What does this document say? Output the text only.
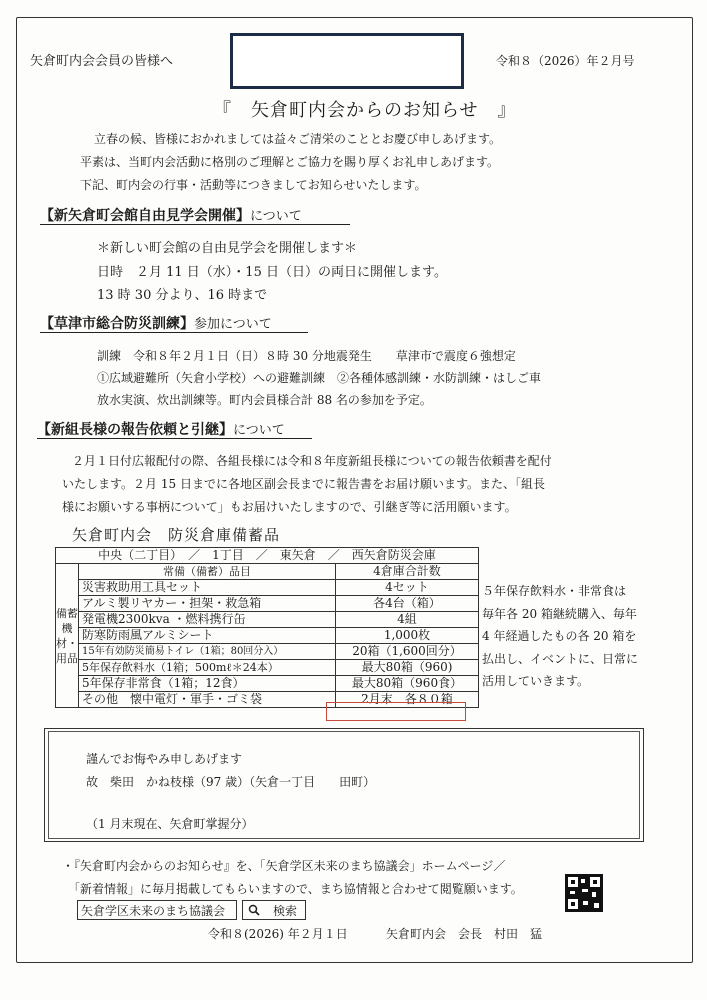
矢倉町内会会員の皆様へ	令和８（2026）年２月号
『　矢倉町内会からのお知らせ　』
立春の候、皆様におかれましては益々ご清栄のこととお慶び申しあげます。
平素は、当町内会活動に格別のご理解とご協力を賜り厚くお礼申しあげます。
下記、町内会の行事・活動等につきましてお知らせいたします。
【新矢倉町会館自由見学会開催】について
＊新しい町会館の自由見学会を開催します＊
日時　２月 11 日（水）・15 日（日）の両日に開催します。
13 時 30 分より、16 時まで
【草津市総合防災訓練】参加について
訓練　令和８年２月１日（日）８時 30 分地震発生　　草津市で震度６強想定
①広域避難所（矢倉小学校）への避難訓練　②各種体感訓練・水防訓練・はしご車
放水実演、炊出訓練等。町内会員様合計 88 名の参加を予定。
【新組長様の報告依頼と引継】について
２月１日付広報配付の際、各組長様には令和８年度新組長様についての報告依頼書を配付
いたします。２月 15 日までに各地区副会長までに報告書をお届け願います。また、「組長
様にお願いする事柄について」もお届けいたしますので、引継ぎ等に活用願います。
矢倉町内会　防災倉庫備蓄品
中央（二丁目）　／　1丁目　／　東矢倉　／　西矢倉防災会庫		
備蓄機材・用品	常備（備蓄）品目	4倉庫合計数
	災害救助用工具セット	4セット
	アルミ製リヤカー・担架・救急箱	各4台（箱）
	発電機2300kva ・燃料携行缶	4組
	防寒防雨風アルミシート	1,000枚
	15年有効防災簡易トイレ（1箱；80回分入）	20箱（1,600回分）
	5年保存飲料水（1箱；500mℓ＊24本）	最大80箱（960)
	5年保存非常食（1箱；12食）	最大80箱（960食）
	その他　懐中電灯・軍手・ゴミ袋	2月末　各８０箱
５年保存飲料水・非常食は
毎年各 20 箱継続購入、毎年
4 年経過したもの各 20 箱を
払出し、イベントに、日常に
活用していきます。
謹んでお悔やみ申しあげます
故　柴田　かね枝様（97 歳）（矢倉一丁目　　田町）
（1 月末現在、矢倉町掌握分）
・『矢倉町内会からのお知らせ』を、「矢倉学区未来のまち協議会」ホームページ／
「新着情報」に毎月掲載してもらいますので、まち協情報と合わせて閲覧願います。
矢倉学区未来のまち協議会	検索
令和８(2026) 年２月１日	矢倉町内会　会長　村田　猛
